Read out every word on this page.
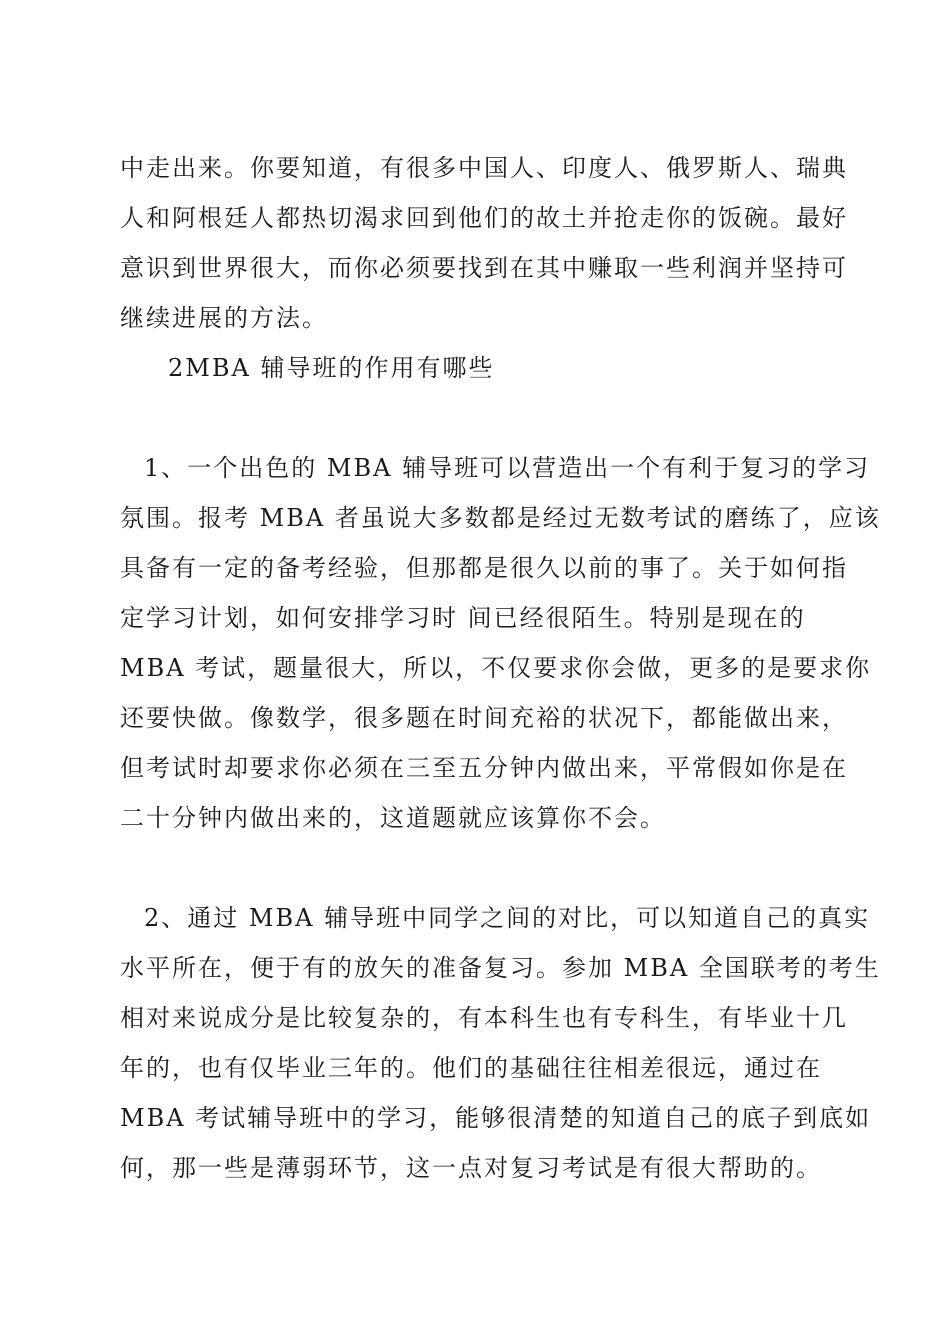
中走出来。你要知道，有很多中国人、印度人、俄罗斯人、瑞典
人和阿根廷人都热切渴求回到他们的故土并抢走你的饭碗。最好
意识到世界很大，而你必须要找到在其中赚取一些利润并坚持可
继续进展的方法。
2MBA 辅导班的作用有哪些
1、一个出色的 MBA 辅导班可以营造出一个有利于复习的学习
氛围。报考 MBA 者虽说大多数都是经过无数考试的磨练了，应该
具备有一定的备考经验，但那都是很久以前的事了。关于如何指
定学习计划，如何安排学习时 间已经很陌生。特别是现在的
MBA 考试，题量很大，所以，不仅要求你会做，更多的是要求你
还要快做。像数学，很多题在时间充裕的状况下，都能做出来，
但考试时却要求你必须在三至五分钟内做出来，平常假如你是在
二十分钟内做出来的，这道题就应该算你不会。
2、通过 MBA 辅导班中同学之间的对比，可以知道自己的真实
水平所在，便于有的放矢的准备复习。参加 MBA 全国联考的考生
相对来说成分是比较复杂的，有本科生也有专科生，有毕业十几
年的，也有仅毕业三年的。他们的基础往往相差很远，通过在
MBA 考试辅导班中的学习，能够很清楚的知道自己的底子到底如
何，那一些是薄弱环节，这一点对复习考试是有很大帮助的。
